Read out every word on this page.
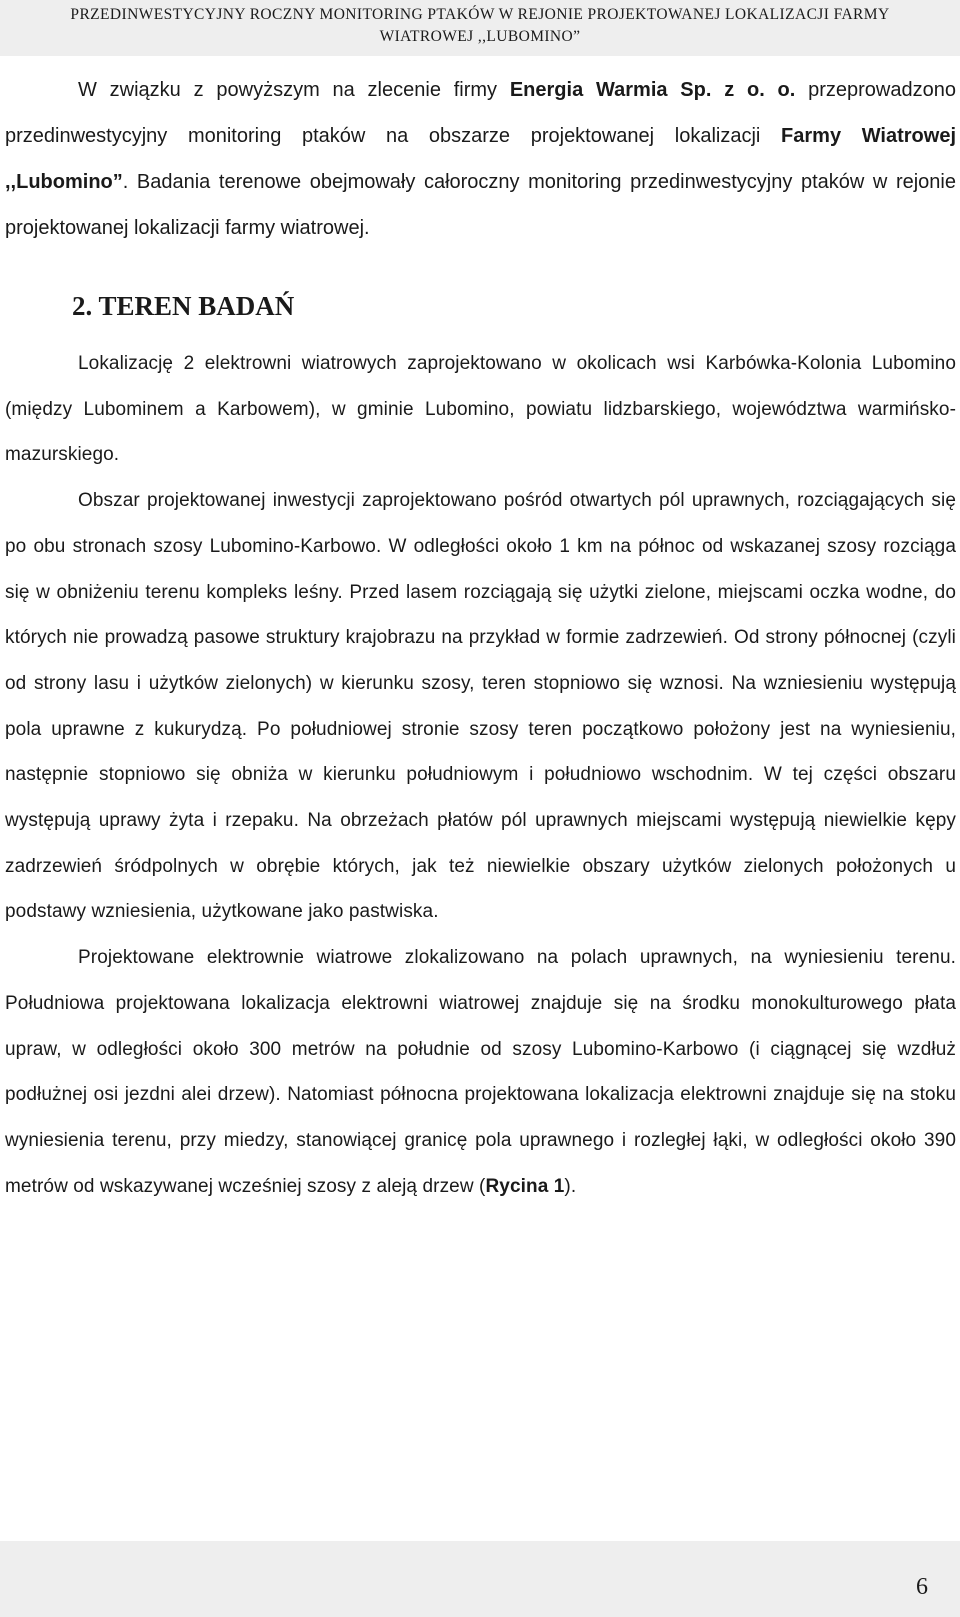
PRZEDINWESTYCYJNY ROCZNY MONITORING PTAKÓW W REJONIE PROJEKTOWANEJ LOKALIZACJI FARMY
WIATROWEJ ,,LUBOMINO”

W związku z powyższym na zlecenie firmy Energia Warmia Sp. z o. o. przeprowadzono przedinwestycyjny monitoring ptaków na obszarze projektowanej lokalizacji Farmy Wiatrowej ,,Lubomino”. Badania terenowe obejmowały całoroczny monitoring przedinwestycyjny ptaków w rejonie projektowanej lokalizacji farmy wiatrowej.

2. TEREN BADAŃ

Lokalizację 2 elektrowni wiatrowych zaprojektowano w okolicach wsi Karbówka-Kolonia Lubomino (między Lubominem a Karbowem), w gminie Lubomino, powiatu lidzbarskiego, województwa warmińsko-mazurskiego.

Obszar projektowanej inwestycji zaprojektowano pośród otwartych pól uprawnych, rozciągających się po obu stronach szosy Lubomino-Karbowo. W odległości około 1 km na północ od wskazanej szosy rozciąga się w obniżeniu terenu kompleks leśny. Przed lasem rozciągają się użytki zielone, miejscami oczka wodne, do których nie prowadzą pasowe struktury krajobrazu na przykład w formie zadrzewień. Od strony północnej (czyli od strony lasu i użytków zielonych) w kierunku szosy, teren stopniowo się wznosi. Na wzniesieniu występują pola uprawne z kukurydzą. Po południowej stronie szosy teren początkowo położony jest na wyniesieniu, następnie stopniowo się obniża w kierunku południowym i południowo wschodnim. W tej części obszaru występują uprawy żyta i rzepaku. Na obrzeżach płatów pól uprawnych miejscami występują niewielkie kępy zadrzewień śródpolnych w obrębie których, jak też niewielkie obszary użytków zielonych położonych u podstawy wzniesienia, użytkowane jako pastwiska.

Projektowane elektrownie wiatrowe zlokalizowano na polach uprawnych, na wyniesieniu terenu. Południowa projektowana lokalizacja elektrowni wiatrowej znajduje się na środku monokulturowego płata upraw, w odległości około 300 metrów na południe od szosy Lubomino-Karbowo (i ciągnącej się wzdłuż podłużnej osi jezdni alei drzew). Natomiast północna projektowana lokalizacja elektrowni znajduje się na stoku wyniesienia terenu, przy miedzy, stanowiącej granicę pola uprawnego i rozległej łąki, w odległości około 390 metrów od wskazywanej wcześniej szosy z aleją drzew (Rycina 1).

6
